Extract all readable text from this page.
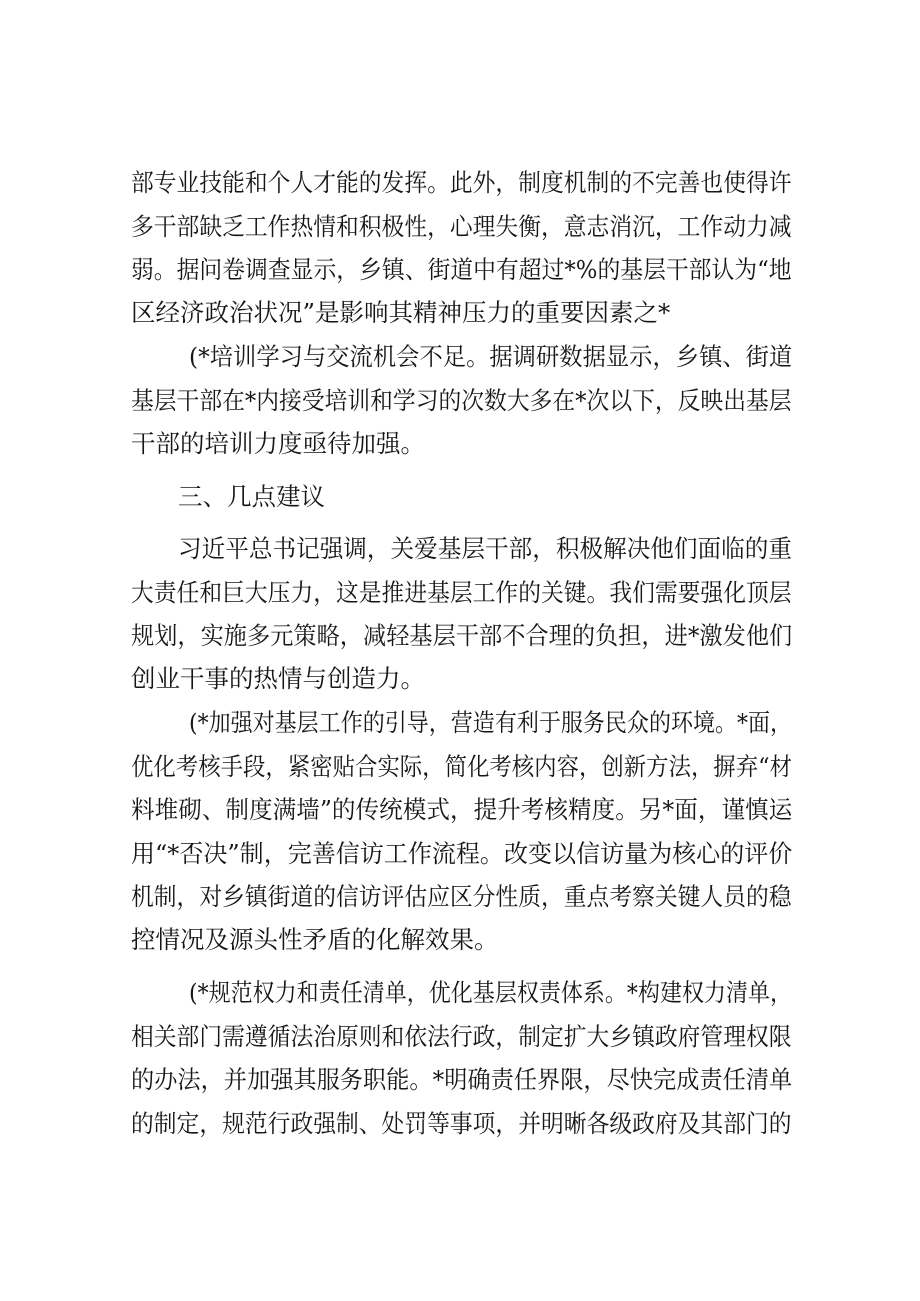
部专业技能和个人才能的发挥。此外，制度机制的不完善也使得许
多干部缺乏工作热情和积极性，心理失衡，意志消沉，工作动力减
弱。据问卷调查显示，乡镇、街道中有超过*%的基层干部认为“地
区经济政治状况”是影响其精神压力的重要因素之*
(*培训学习与交流机会不足。据调研数据显示，乡镇、街道
基层干部在*内接受培训和学习的次数大多在*次以下，反映出基层
干部的培训力度亟待加强。
三、几点建议
习近平总书记强调，关爱基层干部，积极解决他们面临的重
大责任和巨大压力，这是推进基层工作的关键。我们需要强化顶层
规划，实施多元策略，减轻基层干部不合理的负担，进*激发他们
创业干事的热情与创造力。
(*加强对基层工作的引导，营造有利于服务民众的环境。*面，
优化考核手段，紧密贴合实际，简化考核内容，创新方法，摒弃“材
料堆砌、制度满墙”的传统模式，提升考核精度。另*面，谨慎运
用“*否决”制，完善信访工作流程。改变以信访量为核心的评价
机制，对乡镇街道的信访评估应区分性质，重点考察关键人员的稳
控情况及源头性矛盾的化解效果。
(*规范权力和责任清单，优化基层权责体系。*构建权力清单，
相关部门需遵循法治原则和依法行政，制定扩大乡镇政府管理权限
的办法，并加强其服务职能。*明确责任界限，尽快完成责任清单
的制定，规范行政强制、处罚等事项，并明晰各级政府及其部门的
